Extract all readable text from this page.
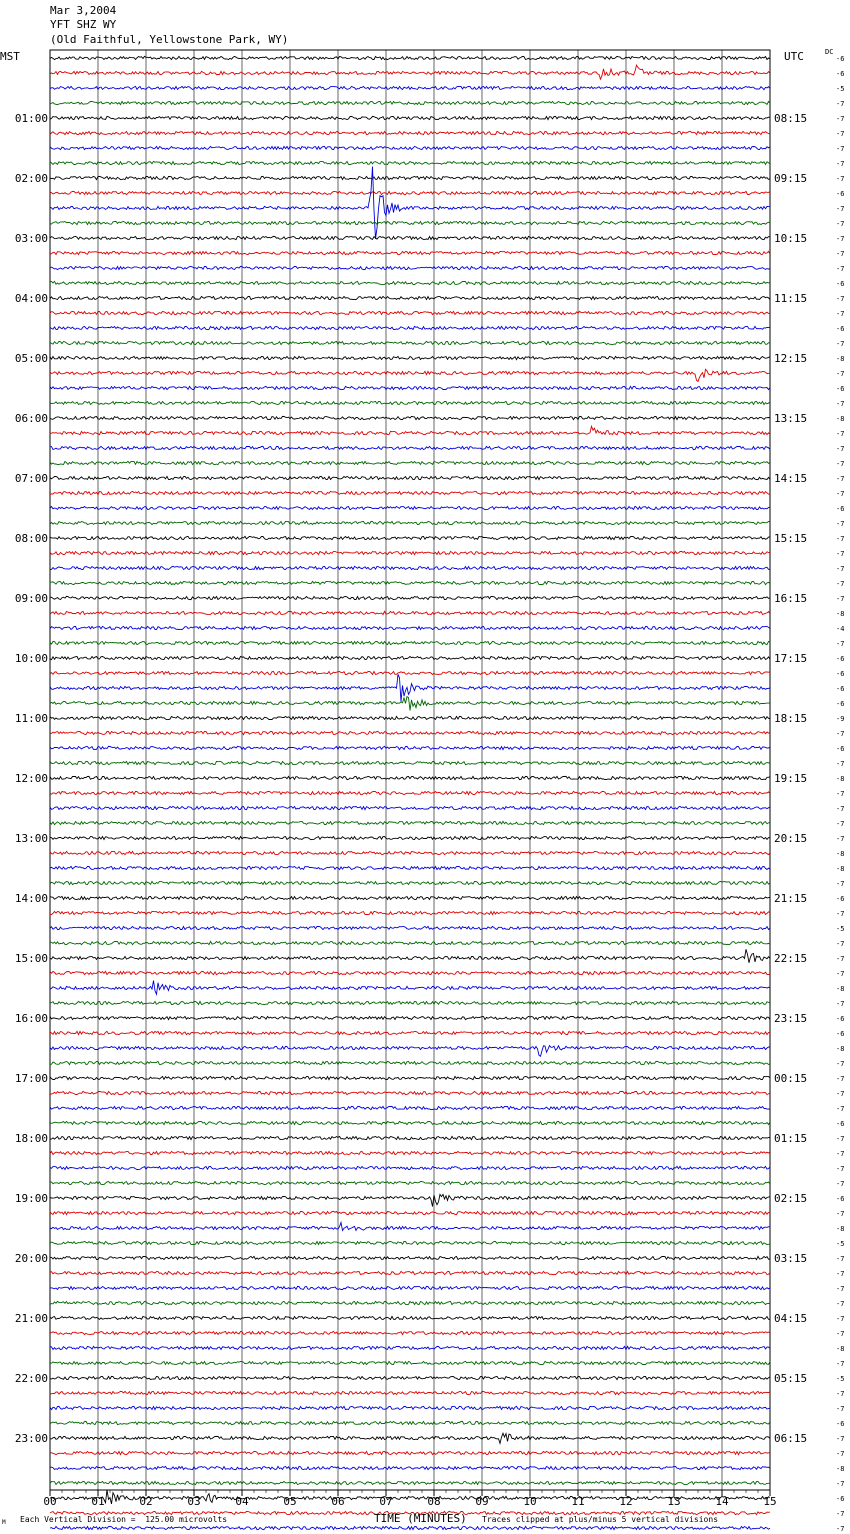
Mar 3,2004
YFT SHZ WY
(Old Faithful, Yellowstone Park, WY)
MST	UTC	DC
00	01	02	03	04	05	06	07	08	09	10	11	12	13	14	15
01:00
02:00
03:00
04:00
05:00
06:00
07:00
08:00
09:00
10:00
11:00
12:00
13:00
14:00
15:00
16:00
17:00
18:00
19:00
20:00
21:00
22:00
23:00
08:15
09:15
10:15
11:15
12:15
13:15
14:15
15:15
16:15
17:15
18:15
19:15
20:15
21:15
22:15
23:15
00:15
01:15
02:15
03:15
04:15
05:15
06:15
-6
-6
-5
-7
-7
-7
-7
-7
-7
-6
-7
-7
-7
-7
-7
-6
-7
-7
-6
-7
-8
-7
-6
-7
-8
-7
-7
-7
-7
-7
-6
-7
-7
-7
-7
-7
-7
-8
-4
-7
-6
-6
-6
-6
-9
-7
-6
-7
-8
-7
-7
-7
-7
-8
-8
-7
-6
-7
-5
-7
-7
-7
-8
-7
-6
-6
-8
-7
-7
-7
-7
-6
-7
-7
-7
-7
-6
-7
-8
-5
-7
-7
-7
-7
-7
-7
-8
-7
-5
-7
-7
-6
-7
-7
-8
-7
-6
-7
-7
M Each Vertical Division =  125.00 microvolts	TIME (MINUTES) Traces clipped at plus/minus 5 vertical divisions
